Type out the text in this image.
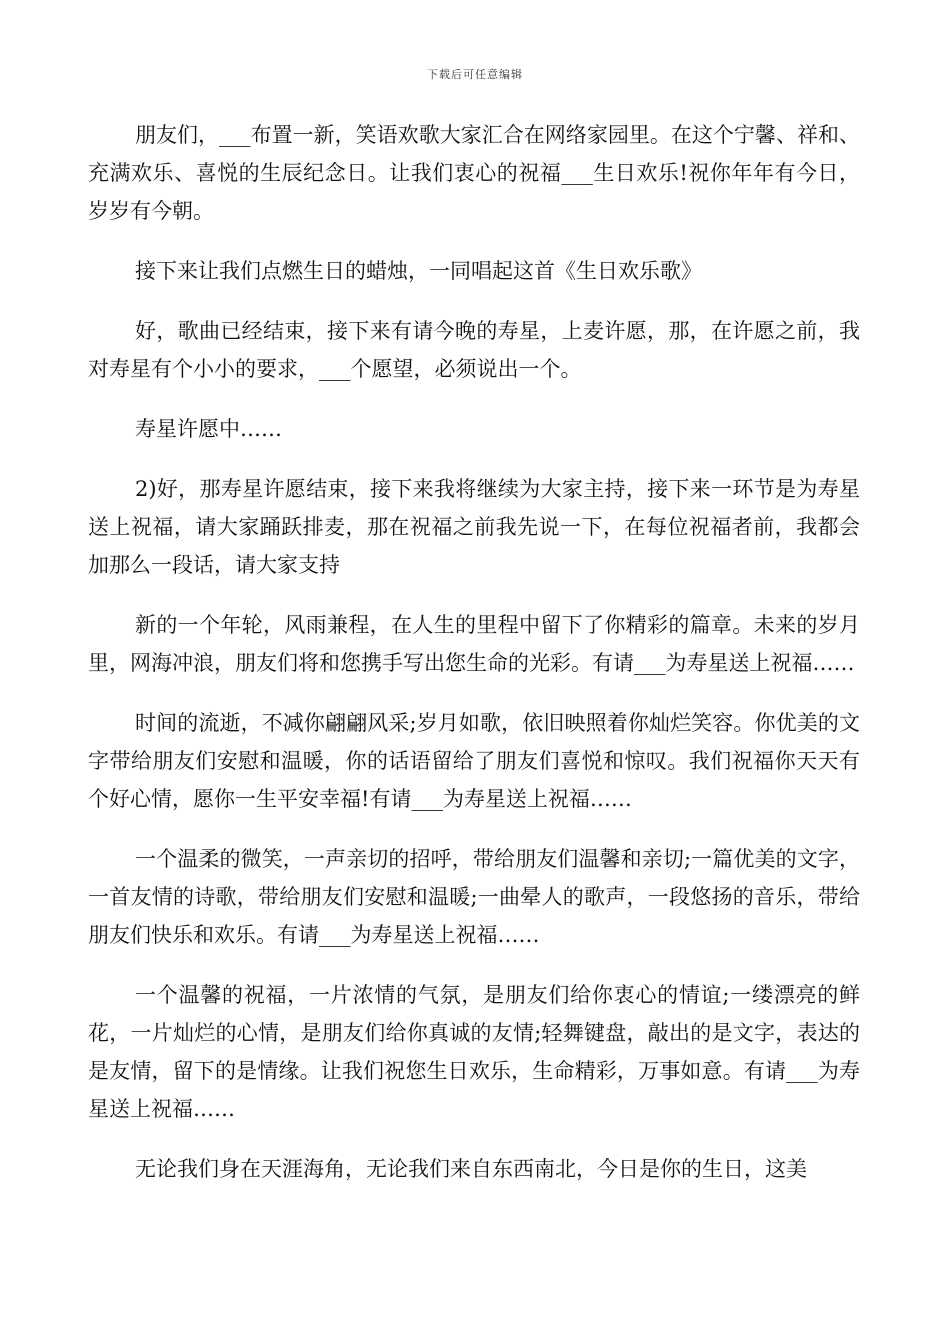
下载后可任意编辑

朋友们，___布置一新，笑语欢歌大家汇合在网络家园里。在这个宁馨、祥和、充满欢乐、喜悦的生辰纪念日。让我们衷心的祝福___生日欢乐!祝你年年有今日，岁岁有今朝。

接下来让我们点燃生日的蜡烛，一同唱起这首《生日欢乐歌》

好，歌曲已经结束，接下来有请今晚的寿星，上麦许愿，那，在许愿之前，我对寿星有个小小的要求，___个愿望，必须说出一个。

寿星许愿中……

2)好，那寿星许愿结束，接下来我将继续为大家主持，接下来一环节是为寿星送上祝福，请大家踊跃排麦，那在祝福之前我先说一下，在每位祝福者前，我都会加那么一段话，请大家支持

新的一个年轮，风雨兼程，在人生的里程中留下了你精彩的篇章。未来的岁月里，网海冲浪，朋友们将和您携手写出您生命的光彩。有请___为寿星送上祝福……

时间的流逝，不减你翩翩风采;岁月如歌，依旧映照着你灿烂笑容。你优美的文字带给朋友们安慰和温暖，你的话语留给了朋友们喜悦和惊叹。我们祝福你天天有个好心情，愿你一生平安幸福!有请___为寿星送上祝福……

一个温柔的微笑，一声亲切的招呼，带给朋友们温馨和亲切;一篇优美的文字，一首友情的诗歌，带给朋友们安慰和温暖;一曲晕人的歌声，一段悠扬的音乐，带给朋友们快乐和欢乐。有请___为寿星送上祝福……

一个温馨的祝福，一片浓情的气氛，是朋友们给你衷心的情谊;一缕漂亮的鲜花，一片灿烂的心情，是朋友们给你真诚的友情;轻舞键盘，敲出的是文字，表达的是友情，留下的是情缘。让我们祝您生日欢乐，生命精彩，万事如意。有请___为寿星送上祝福……

无论我们身在天涯海角，无论我们来自东西南北，今日是你的生日，这美
